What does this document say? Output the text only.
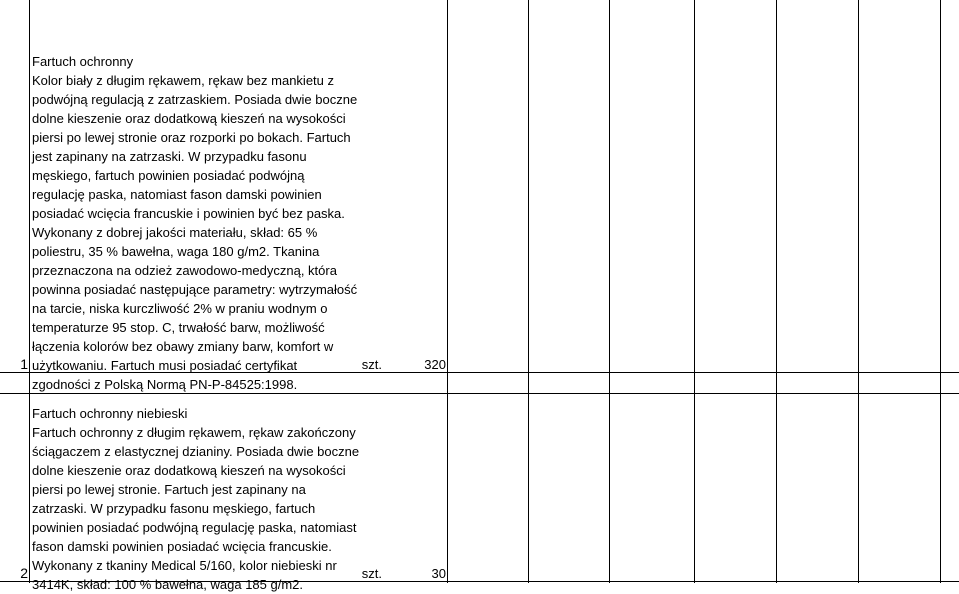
Fartuch ochronny
Kolor biały z długim rękawem, rękaw bez mankietu z
podwójną regulacją z zatrzaskiem. Posiada dwie boczne
dolne kieszenie oraz dodatkową kieszeń na wysokości
piersi po lewej stronie oraz rozporki po bokach. Fartuch
jest zapinany na zatrzaski. W przypadku fasonu
męskiego, fartuch powinien posiadać podwójną
regulację paska, natomiast fason damski powinien
posiadać wcięcia francuskie i powinien być bez paska.
Wykonany z dobrej jakości materiału, skład: 65 %
poliestru, 35 % bawełna, waga 180 g/m2. Tkanina
przeznaczona na odzież zawodowo-medyczną, która
powinna posiadać następujące parametry: wytrzymałość
na tarcie, niska kurczliwość 2% w praniu wodnym o
temperaturze 95 stop. C, trwałość barw, możliwość
łączenia kolorów bez obawy zmiany barw, komfort w
użytkowaniu. Fartuch musi posiadać certyfikat
zgodności z Polską Normą PN-P-84525:1998.
1	szt.	320
Fartuch ochronny niebieski
Fartuch ochronny z długim rękawem, rękaw zakończony
ściągaczem z elastycznej dzianiny. Posiada dwie boczne
dolne kieszenie oraz dodatkową kieszeń na wysokości
piersi po lewej stronie. Fartuch jest zapinany na
zatrzaski. W przypadku fasonu męskiego, fartuch
powinien posiadać podwójną regulację paska, natomiast
fason damski powinien posiadać wcięcia francuskie.
Wykonany z tkaniny Medical 5/160, kolor niebieski nr
3414K, skład: 100 % bawełna, waga 185 g/m2.
2	szt.	30
